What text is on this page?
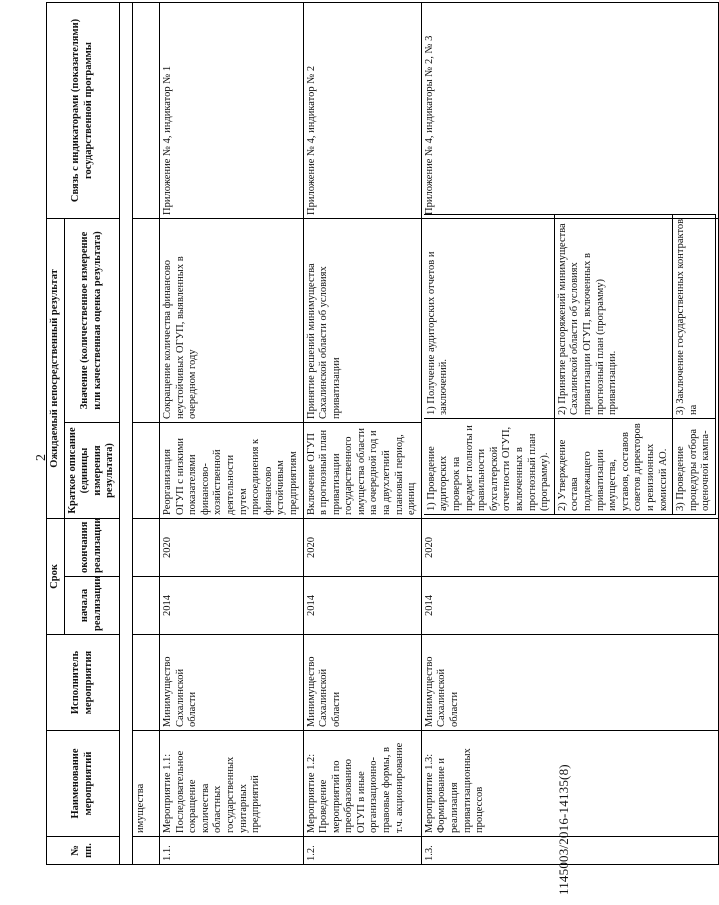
2
№ пп.	Наименование мероприятий	Исполнитель мероприятия	Срок	Ожидаемый непосредственный результат	Связь с индикаторами (показателями) государственной программы
начала реализации	окончания реализации	Краткое описание (единицы измерения результата)	Значение (количественное измерение или качественная оценка результата)

	имущества						
1.1.	Мероприятие 1.1: Последовательное сокращение количества областных государственных унитарных предприятий	Минимущество Сахалинской области	2014	2020	Реорганизация ОГУП с низкими показателями финансово-хозяйственной деятельности путем присоединения к финансово устойчивым предприятиям	Сокращение количества финансово неустойчивых ОГУП, выявленных в очередном году	Приложение № 4, индикатор № 1
1.2.	Мероприятие 1.2: Проведение мероприятий по преобразованию ОГУП в иные организационно-правовые формы, в т.ч. акционирование	Минимущество Сахалинской области	2014	2020	Включение ОГУП в прогнозный план приватизации государственного имущества области на очередной год и на двухлетний плановый период, единиц	Принятие решений минимущества Сахалинской области об условиях приватизации	Приложение № 4, индикатор № 2
1.3.	Мероприятие 1.3: Формирование и реализация приватизационных процессов	Минимущество Сахалинской области	2014	2020	
1) Проведение аудиторских проверок на предмет полноты и правильности бухгалтерской отчетности ОГУП, включенных в прогнозный план (программу).	1) Получение аудиторских отчетов и заключений.
2) Утверждение состава подлежащего приватизации имущества, уставов, составов советов директоров и ревизионных комиссий АО.	2) Принятие распоряжений минимущества Сахалинской области об условиях приватизации ОГУП, включенных в прогнозный план (программу) приватизации.
3) Проведение процедуры отбора оценочной кампа-	3) Заключение государственных контрактов на
	Приложение № 4, индикаторы № 2, № 3
1145003/2016-14135(8)
